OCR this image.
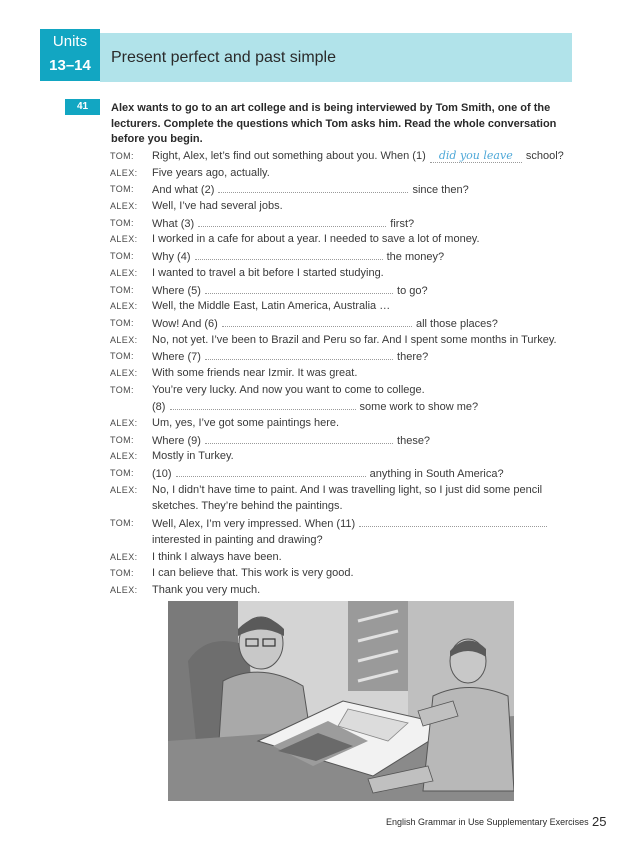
Units
13–14	Present perfect and past simple
41	Alex wants to go to an art college and is being interviewed by Tom Smith, one of the lecturers. Complete the questions which Tom asks him. Read the whole conversation before you begin.
TOM: Right, Alex, let’s find out something about you. When (1) did you leave school?
ALEX: Five years ago, actually.
TOM: And what (2)	since then?
ALEX: Well, I’ve had several jobs.
TOM: What (3)	first?
ALEX: I worked in a cafe for about a year. I needed to save a lot of money.
TOM: Why (4)	the money?
ALEX: I wanted to travel a bit before I started studying.
TOM: Where (5)	to go?
ALEX: Well, the Middle East, Latin America, Australia …
TOM: Wow! And (6)	all those places?
ALEX: No, not yet. I’ve been to Brazil and Peru so far. And I spent some months in Turkey.
TOM: Where (7)	there?
ALEX: With some friends near Izmir. It was great.
TOM: You’re very lucky. And now you want to come to college.
(8)	some work to show me?
ALEX: Um, yes, I’ve got some paintings here.
TOM: Where (9)	these?
ALEX: Mostly in Turkey.
TOM: (10)	anything in South America?
ALEX: No, I didn’t have time to paint. And I was travelling light, so I just did some pencil
sketches. They’re behind the paintings.
TOM: Well, Alex, I’m very impressed. When (11)
interested in painting and drawing?
ALEX: I think I always have been.
TOM: I can believe that. This work is very good.
ALEX: Thank you very much.
English Grammar in Use Supplementary Exercises 25
